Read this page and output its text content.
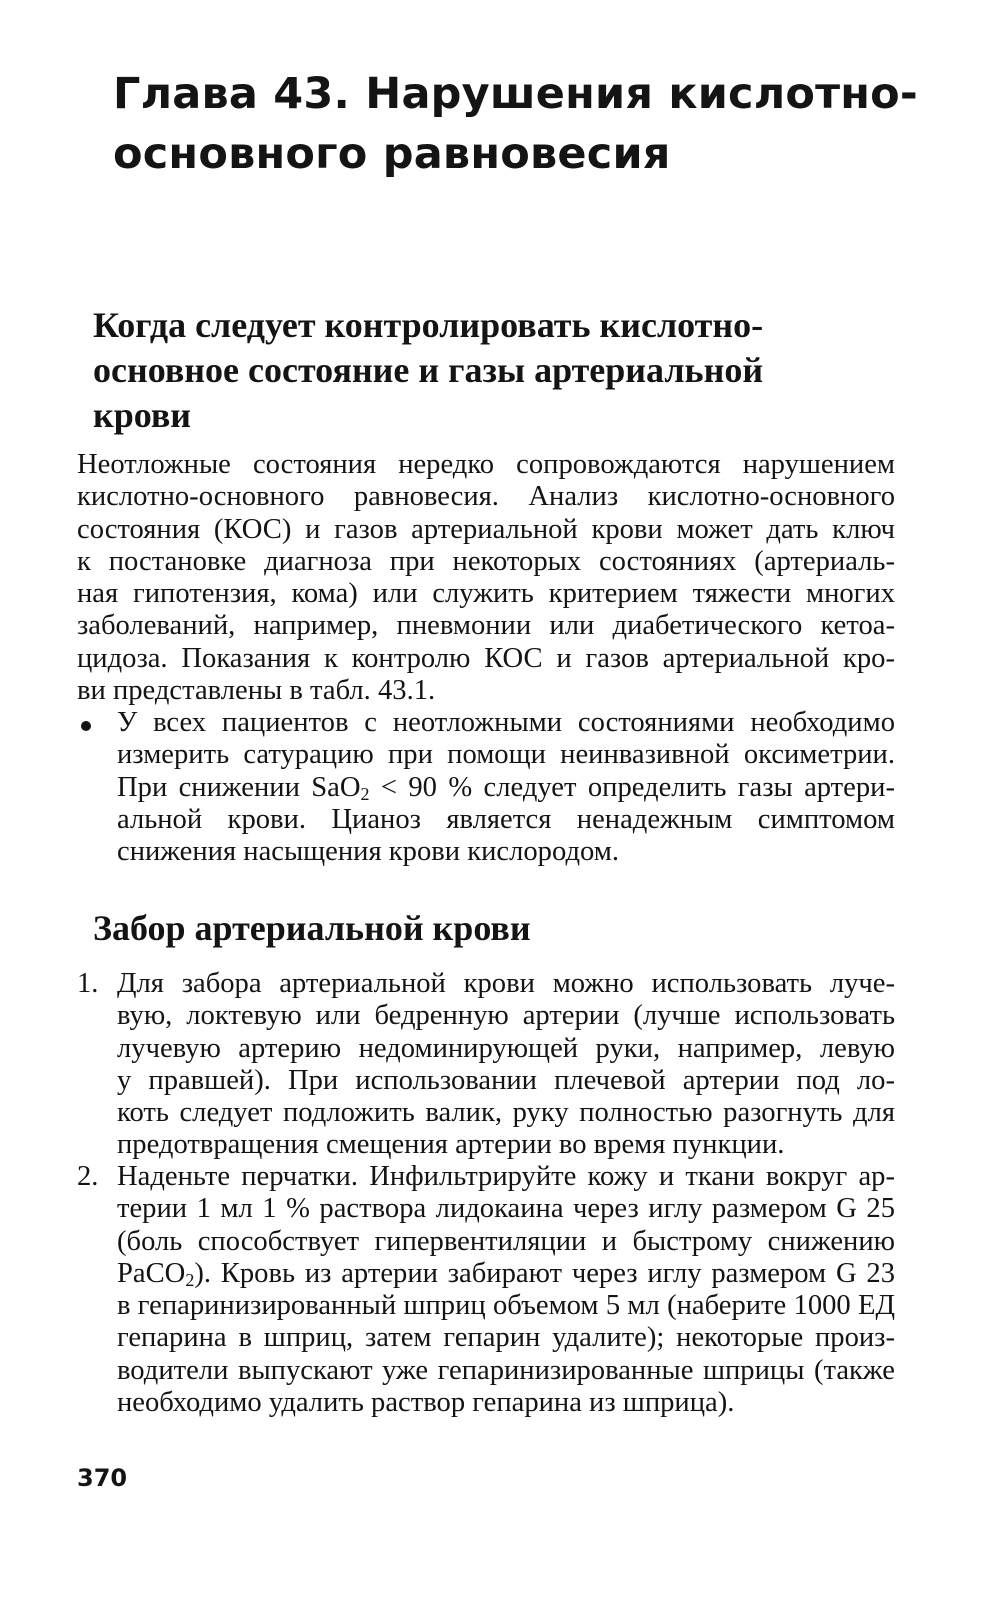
Глава 43. Нарушения кислотно-
основного равновесия
Когда следует контролировать кислотно-
основное состояние и газы артериальной
крови
Неотложные состояния нередко сопровождаются нарушением
кислотно-основного равновесия. Анализ кислотно-основного
состояния (КОС) и газов артериальной крови может дать ключ
к постановке диагноза при некоторых состояниях (артериаль-
ная гипотензия, кома) или служить критерием тяжести многих
заболеваний, например, пневмонии или диабетического кетоа-
цидоза. Показания к контролю КОС и газов артериальной кро-
ви представлены в табл. 43.1.
У всех пациентов с неотложными состояниями необходимо
измерить сатурацию при помощи неинвазивной оксиметрии.
При снижении SaO$_2$ < 90 % следует определить газы артери-
альной крови. Цианоз является ненадежным симптомом
снижения насыщения крови кислородом.
Забор артериальной крови
1. Для забора артериальной крови можно использовать луче-
вую, локтевую или бедренную артерии (лучше использовать
лучевую артерию недоминирующей руки, например, левую
у правшей). При использовании плечевой артерии под ло-
коть следует подложить валик, руку полностью разогнуть для
предотвращения смещения артерии во время пункции.
2. Наденьте перчатки. Инфильтрируйте кожу и ткани вокруг ар-
терии 1 мл 1 % раствора лидокаина через иглу размером G 25
(боль способствует гипервентиляции и быстрому снижению
PaCO$_2$). Кровь из артерии забирают через иглу размером G 23
в гепаринизированный шприц объемом 5 мл (наберите 1000 ЕД
гепарина в шприц, затем гепарин удалите); некоторые произ-
водители выпускают уже гепаринизированные шприцы (также
необходимо удалить раствор гепарина из шприца).
370
